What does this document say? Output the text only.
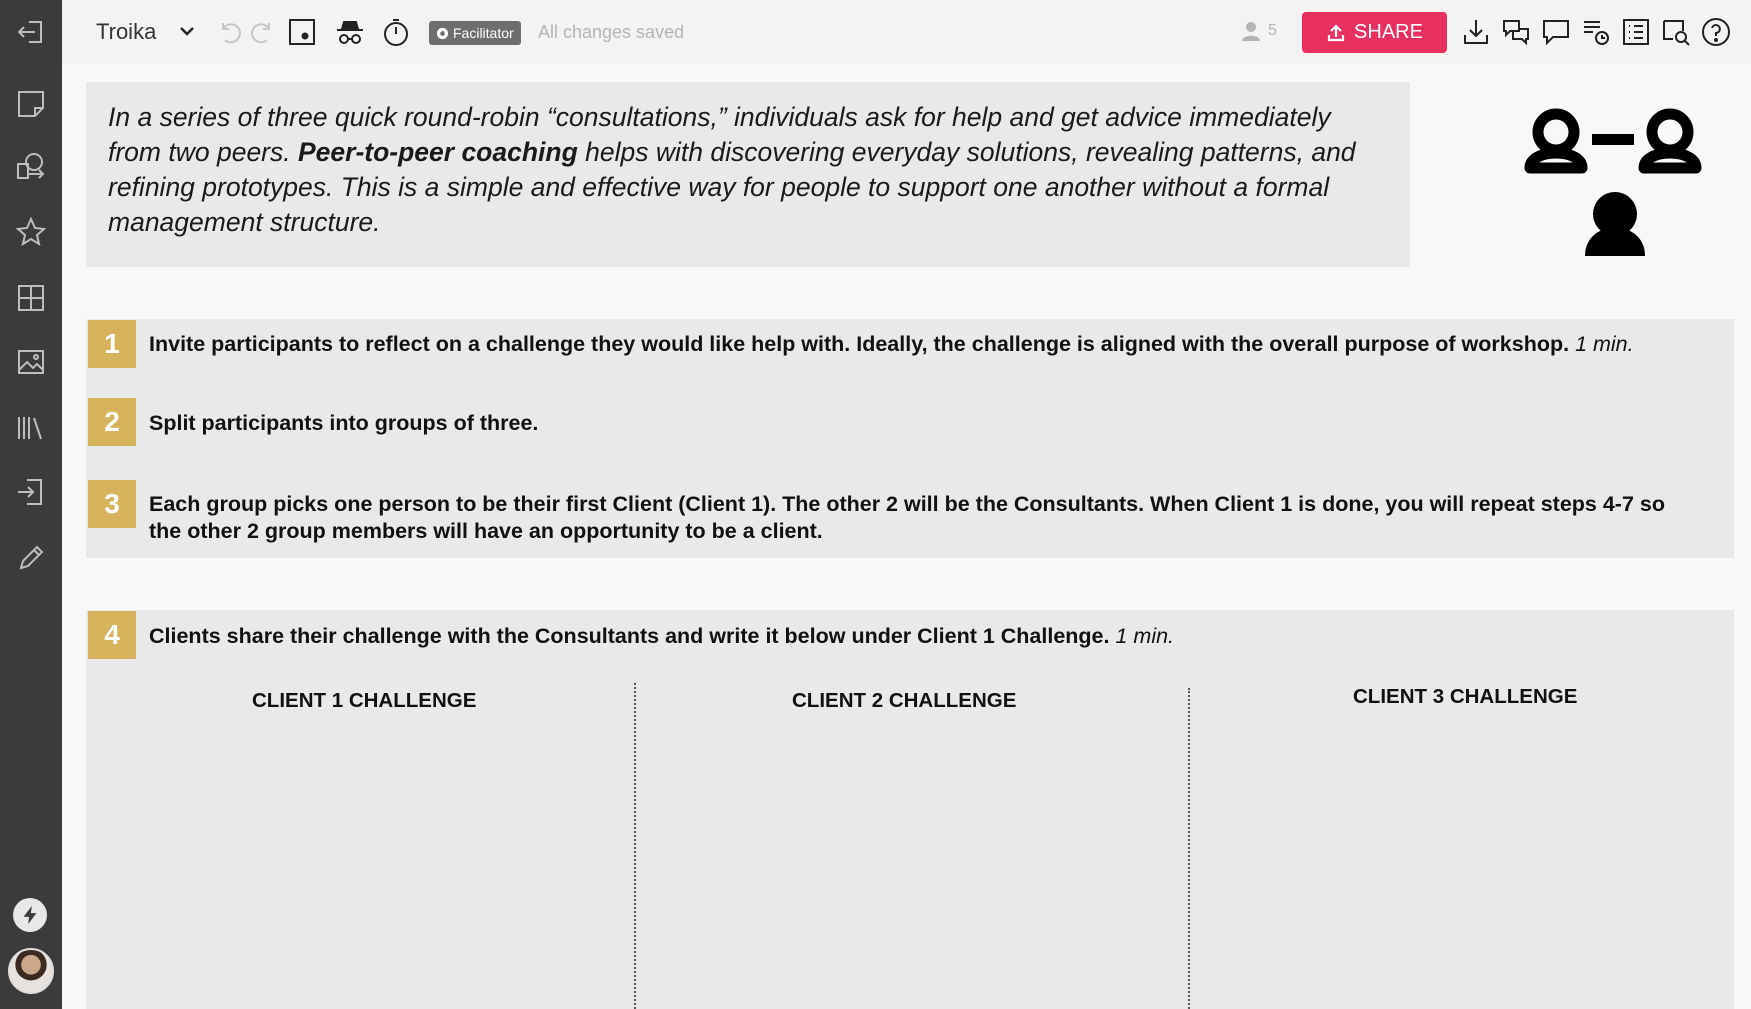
Troika	Facilitator All changes saved	5	SHARE

In a series of three quick round-robin “consultations,” individuals ask for help and get advice immediately from two peers. Peer-to-peer coaching helps with discovering everyday solutions, revealing patterns, and refining prototypes. This is a simple and effective way for people to support one another without a formal management structure.

1	Invite participants to reflect on a challenge they would like help with. Ideally, the challenge is aligned with the overall purpose of workshop. 1 min.
2	Split participants into groups of three.
3	Each group picks one person to be their first Client (Client 1). The other 2 will be the Consultants. When Client 1 is done, you will repeat steps 4-7 so the other 2 group members will have an opportunity to be a client.
4	Clients share their challenge with the Consultants and write it below under Client 1 Challenge. 1 min.
CLIENT 1 CHALLENGE	CLIENT 2 CHALLENGE	CLIENT 3 CHALLENGE
